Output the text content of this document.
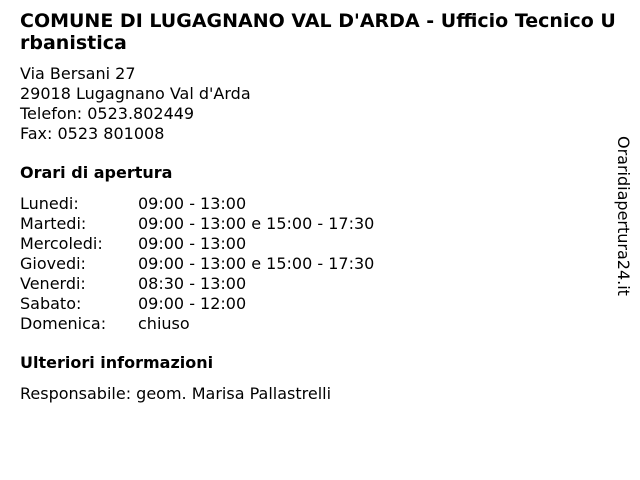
COMUNE DI LUGAGNANO VAL D'ARDA - Ufficio Tecnico Urbanistica
Via Bersani 27
29018 Lugagnano Val d'Arda
Telefon: 0523.802449
Fax: 0523 801008
Orari di apertura
Lunedi:	09:00 - 13:00
Martedi:	09:00 - 13:00 e 15:00 - 17:30
Mercoledi:	09:00 - 13:00
Giovedi:	09:00 - 13:00 e 15:00 - 17:30
Venerdi:	08:30 - 13:00
Sabato:	09:00 - 12:00
Domenica:	chiuso
Ulteriori informazioni
Responsabile: geom. Marisa Pallastrelli
Oraridiapertura24.it
